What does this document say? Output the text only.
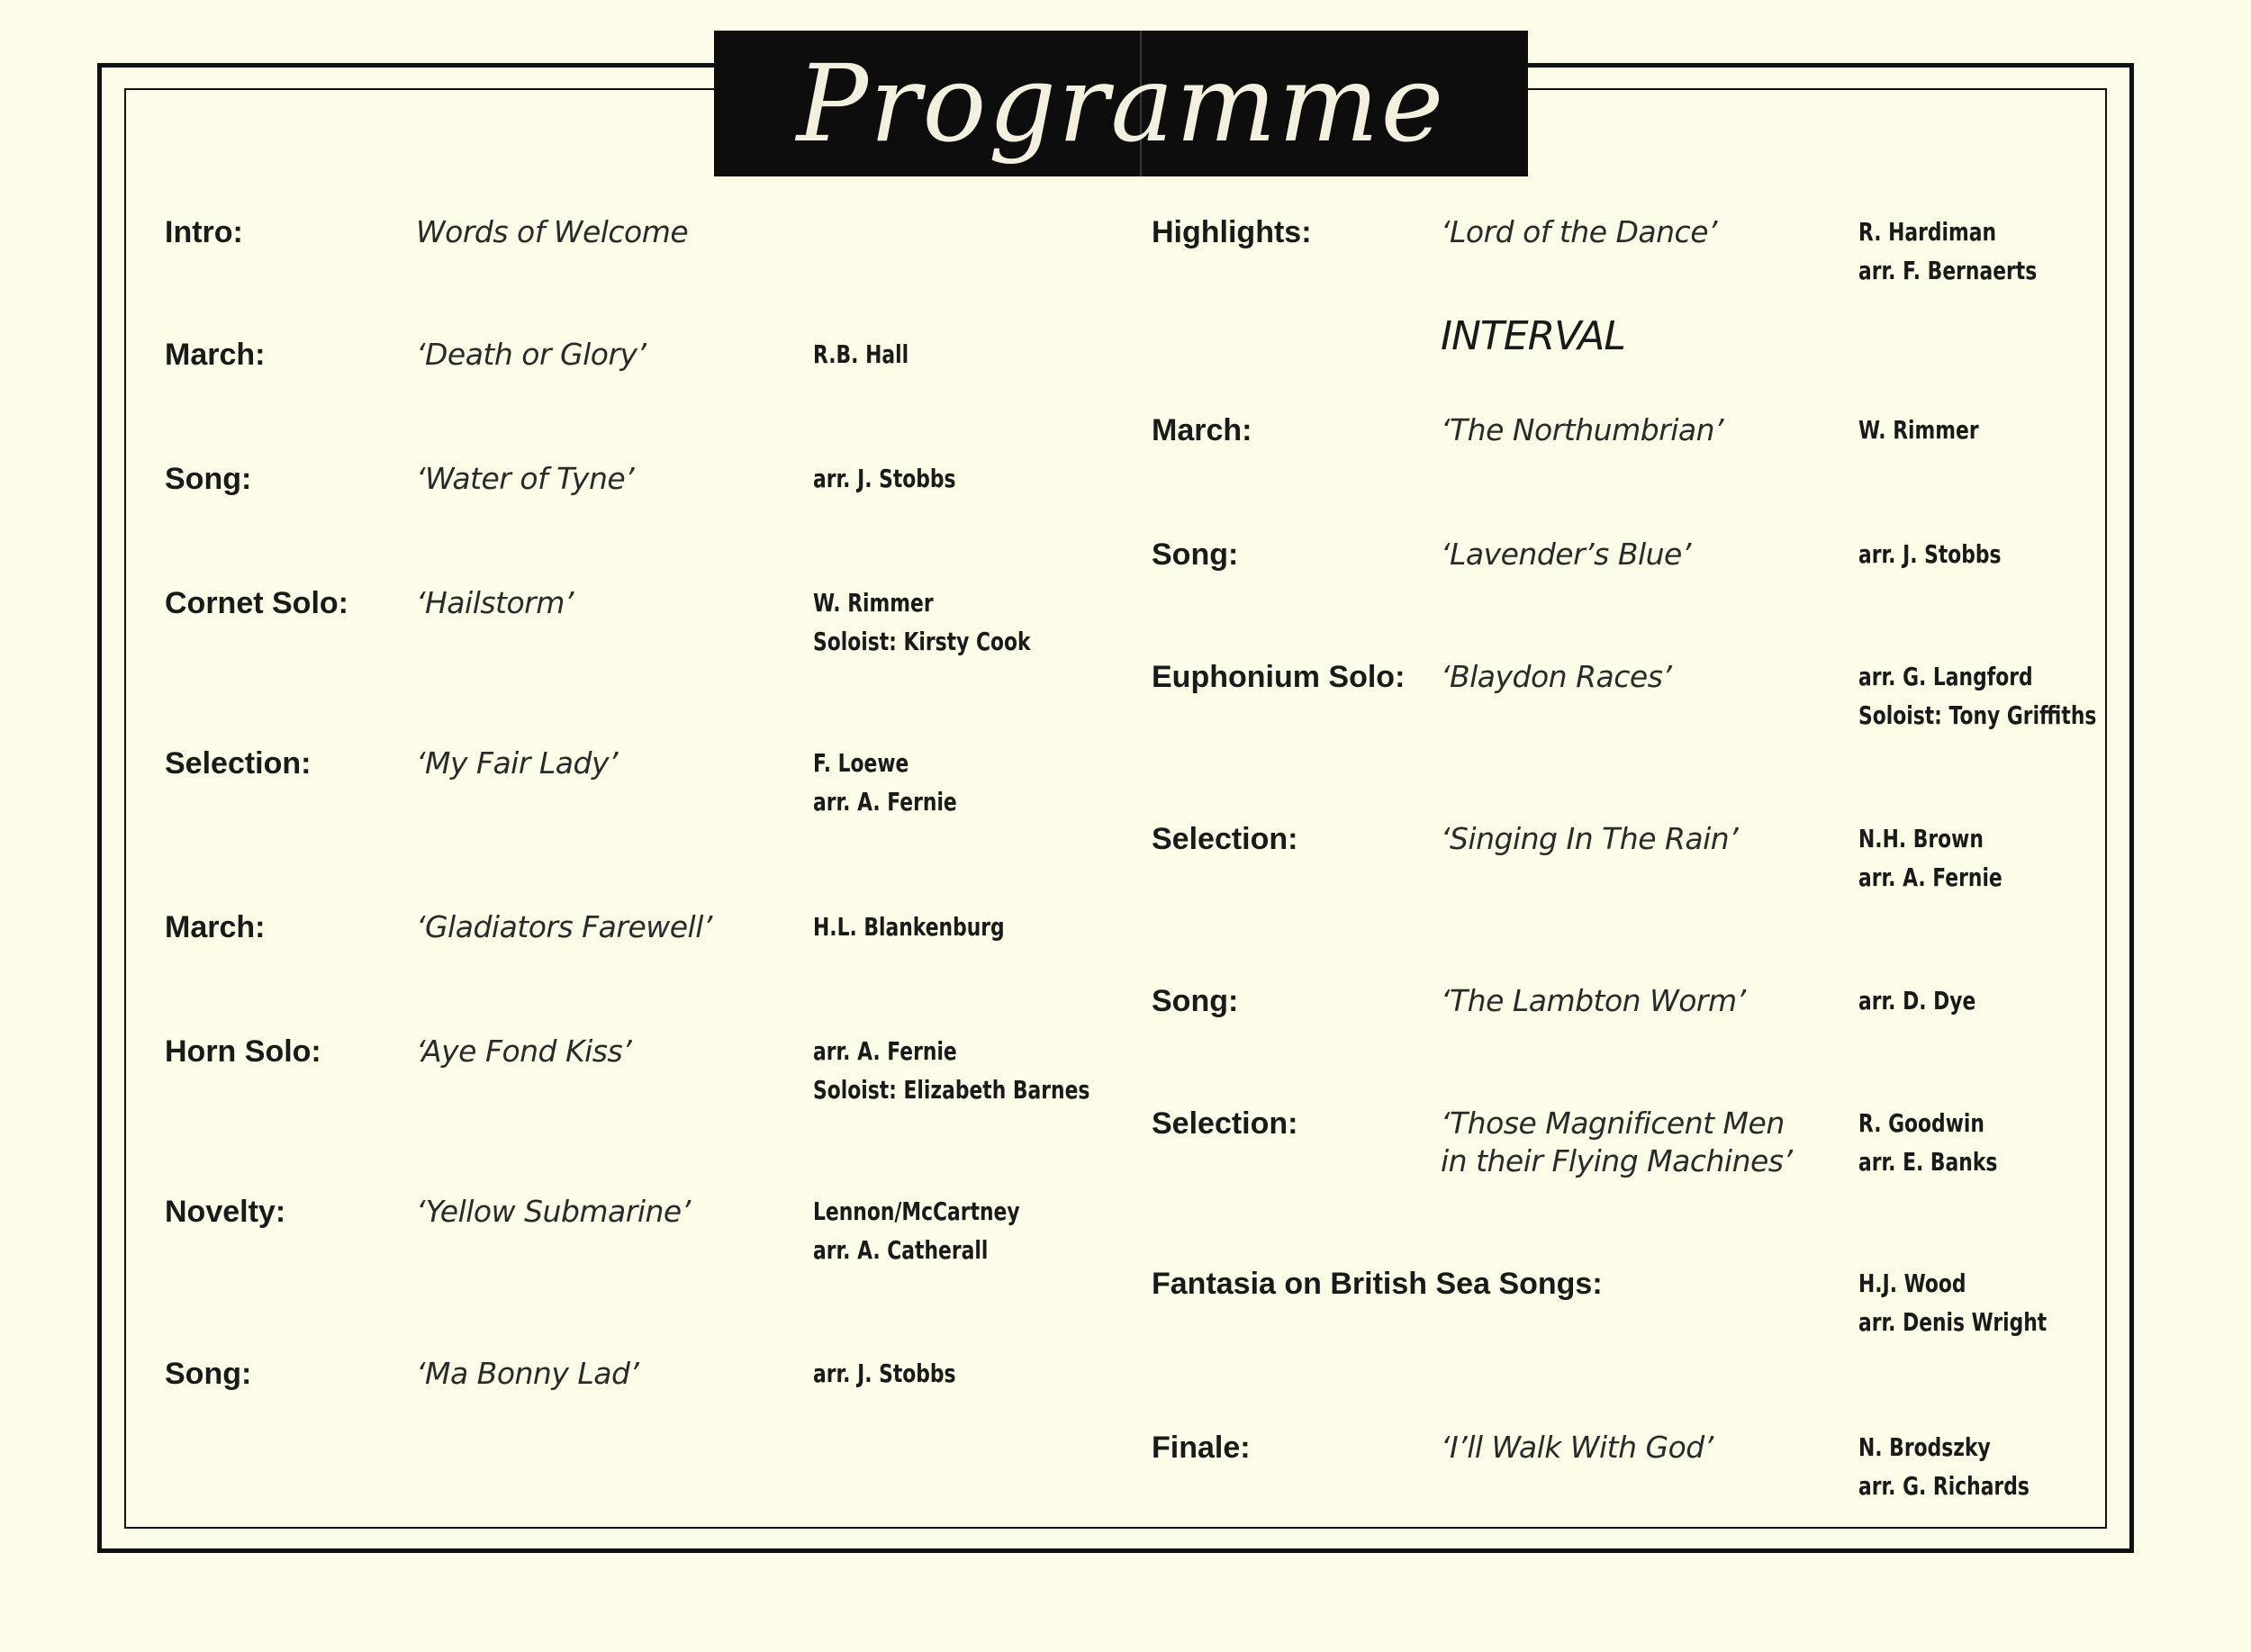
Programme
INTERVAL
Intro:	Words of Welcome
March:	‘Death or Glory’	R.B. Hall
Song:	‘Water of Tyne’	arr. J. Stobbs
Cornet Solo: ‘Hailstorm’	W. Rimmer
Soloist: Kirsty Cook
Selection:	‘My Fair Lady’	F. Loewe
arr. A. Fernie
March:	‘Gladiators Farewell’	H.L. Blankenburg
Horn Solo:	‘Aye Fond Kiss’	arr. A. Fernie
Soloist: Elizabeth Barnes
Novelty:	‘Yellow Submarine’	Lennon/McCartney
arr. A. Catherall
Song:	‘Ma Bonny Lad’	arr. J. Stobbs
Highlights:	‘Lord of the Dance’	R. Hardiman
arr. F. Bernaerts
March:	‘The Northumbrian’	W. Rimmer
Song:	‘Lavender’s Blue’	arr. J. Stobbs
Euphonium Solo: ‘Blaydon Races’	arr. G. Langford
Soloist: Tony Griffiths
Selection:	‘Singing In The Rain’	N.H. Brown
arr. A. Fernie
Song:	‘The Lambton Worm’	arr. D. Dye
Selection:	‘Those Magnificent Men
in their Flying Machines’
R. Goodwin
arr. E. Banks
Fantasia on British Sea Songs:	H.J. Wood
arr. Denis Wright
Finale:	‘I’ll Walk With God’	N. Brodszky
arr. G. Richards
